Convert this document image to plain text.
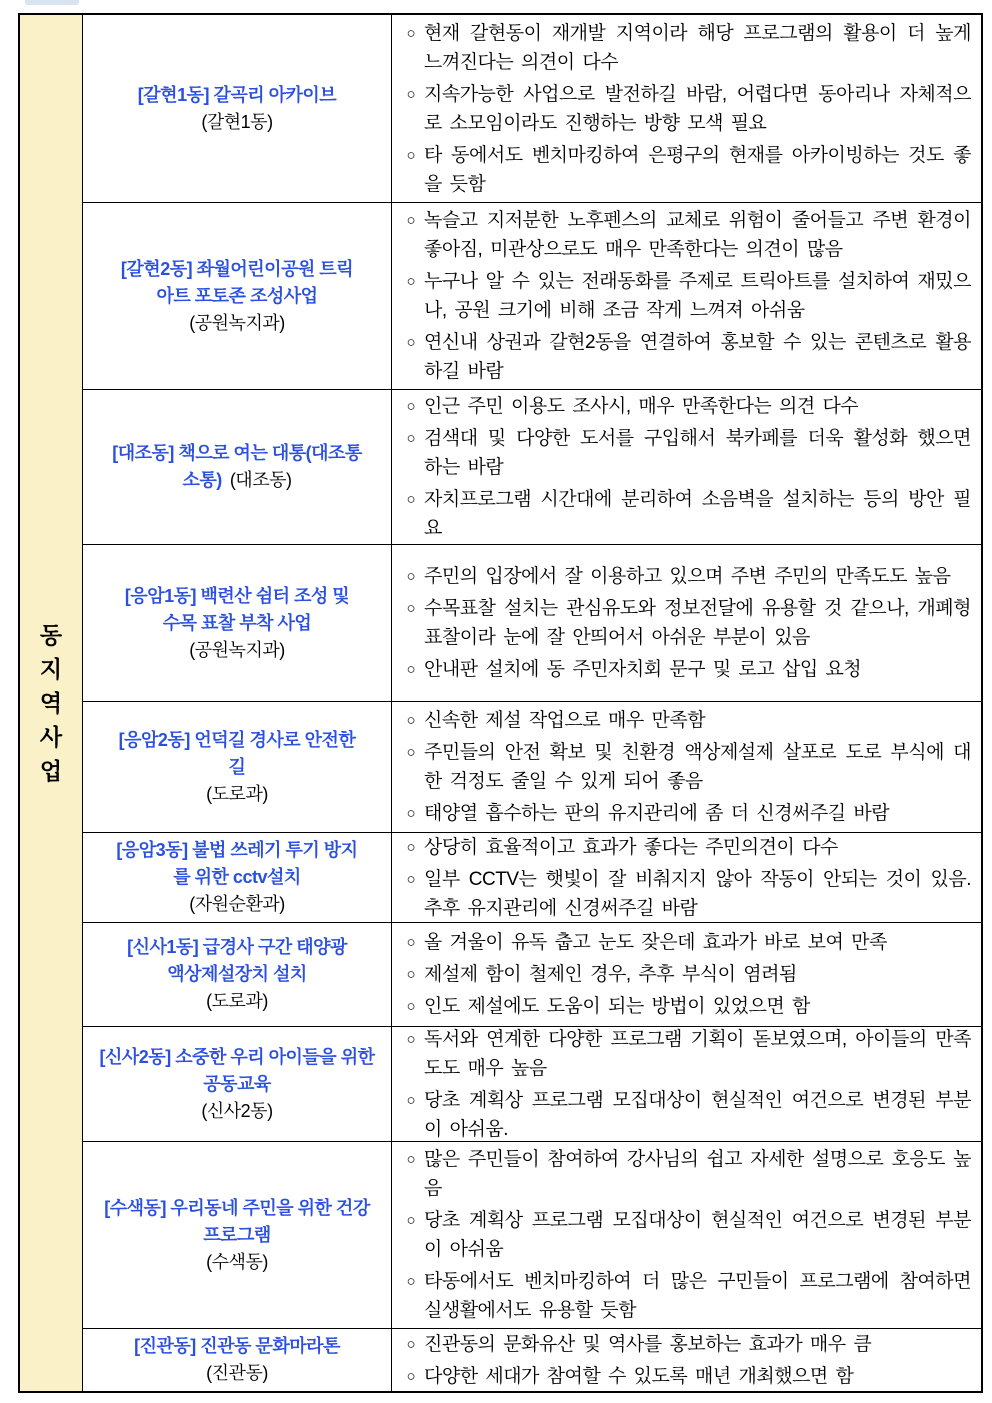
동
지
역
사
업
[갈현1동] 갈곡리 아카이브
(갈현1동)
○ 현재 갈현동이 재개발 지역이라 해당 프로그램의 활용이 더 높게 느껴진다는 의견이 다수
○ 지속가능한 사업으로 발전하길 바람, 어렵다면 동아리나 자체적으로 소모임이라도 진행하는 방향 모색 필요
○ 타 동에서도 벤치마킹하여 은평구의 현재를 아카이빙하는 것도 좋을 듯함
[갈현2동] 좌월어린이공원 트릭
아트 포토존 조성사업
(공원녹지과)
○ 녹슬고 지저분한 노후펜스의 교체로 위험이 줄어들고 주변 환경이 좋아짐, 미관상으로도 매우 만족한다는 의견이 많음
○ 누구나 알 수 있는 전래동화를 주제로 트릭아트를 설치하여 재밌으나, 공원 크기에 비해 조금 작게 느껴져 아쉬움
○ 연신내 상권과 갈현2동을 연결하여 홍보할 수 있는 콘텐츠로 활용하길 바람
[대조동] 책으로 여는 대통(대조통
소통) (대조동)
○ 인근 주민 이용도 조사시, 매우 만족한다는 의견 다수
○ 검색대 및 다양한 도서를 구입해서 북카페를 더욱 활성화 했으면 하는 바람
○ 자치프로그램 시간대에 분리하여 소음벽을 설치하는 등의 방안 필요
[응암1동] 백련산 쉼터 조성 및
수목 표찰 부착 사업
(공원녹지과)
○ 주민의 입장에서 잘 이용하고 있으며 주변 주민의 만족도도 높음
○ 수목표찰 설치는 관심유도와 정보전달에 유용할 것 같으나, 개폐형 표찰이라 눈에 잘 안띄어서 아쉬운 부분이 있음
○ 안내판 설치에 동 주민자치회 문구 및 로고 삽입 요청
[응암2동] 언덕길 경사로 안전한
길
(도로과)
○ 신속한 제설 작업으로 매우 만족함
○ 주민들의 안전 확보 및 친환경 액상제설제 살포로 도로 부식에 대한 걱정도 줄일 수 있게 되어 좋음
○ 태양열 흡수하는 판의 유지관리에 좀 더 신경써주길 바람
[응암3동] 불법 쓰레기 투기 방지
를 위한 cctv설치
(자원순환과)
○ 상당히 효율적이고 효과가 좋다는 주민의견이 다수
○ 일부 CCTV는 햇빛이 잘 비춰지지 않아 작동이 안되는 것이 있음. 추후 유지관리에 신경써주길 바람
[신사1동] 급경사 구간 태양광
액상제설장치 설치
(도로과)
○ 올 겨울이 유독 춥고 눈도 잦은데 효과가 바로 보여 만족
○ 제설제 함이 철제인 경우, 추후 부식이 염려됨
○ 인도 제설에도 도움이 되는 방법이 있었으면 함
[신사2동] 소중한 우리 아이들을 위한
공동교육
(신사2동)
○ 독서와 연계한 다양한 프로그램 기획이 돋보였으며, 아이들의 만족도도 매우 높음
○ 당초 계획상 프로그램 모집대상이 현실적인 여건으로 변경된 부분이 아쉬움.
[수색동] 우리동네 주민을 위한 건강
프로그램
(수색동)
○ 많은 주민들이 참여하여 강사님의 쉽고 자세한 설명으로 호응도 높음
○ 당초 계획상 프로그램 모집대상이 현실적인 여건으로 변경된 부분이 아쉬움
○ 타동에서도 벤치마킹하여 더 많은 구민들이 프로그램에 참여하면 실생활에서도 유용할 듯함
[진관동] 진관동 문화마라톤
(진관동)
○ 진관동의 문화유산 및 역사를 홍보하는 효과가 매우 큼
○ 다양한 세대가 참여할 수 있도록 매년 개최했으면 함
